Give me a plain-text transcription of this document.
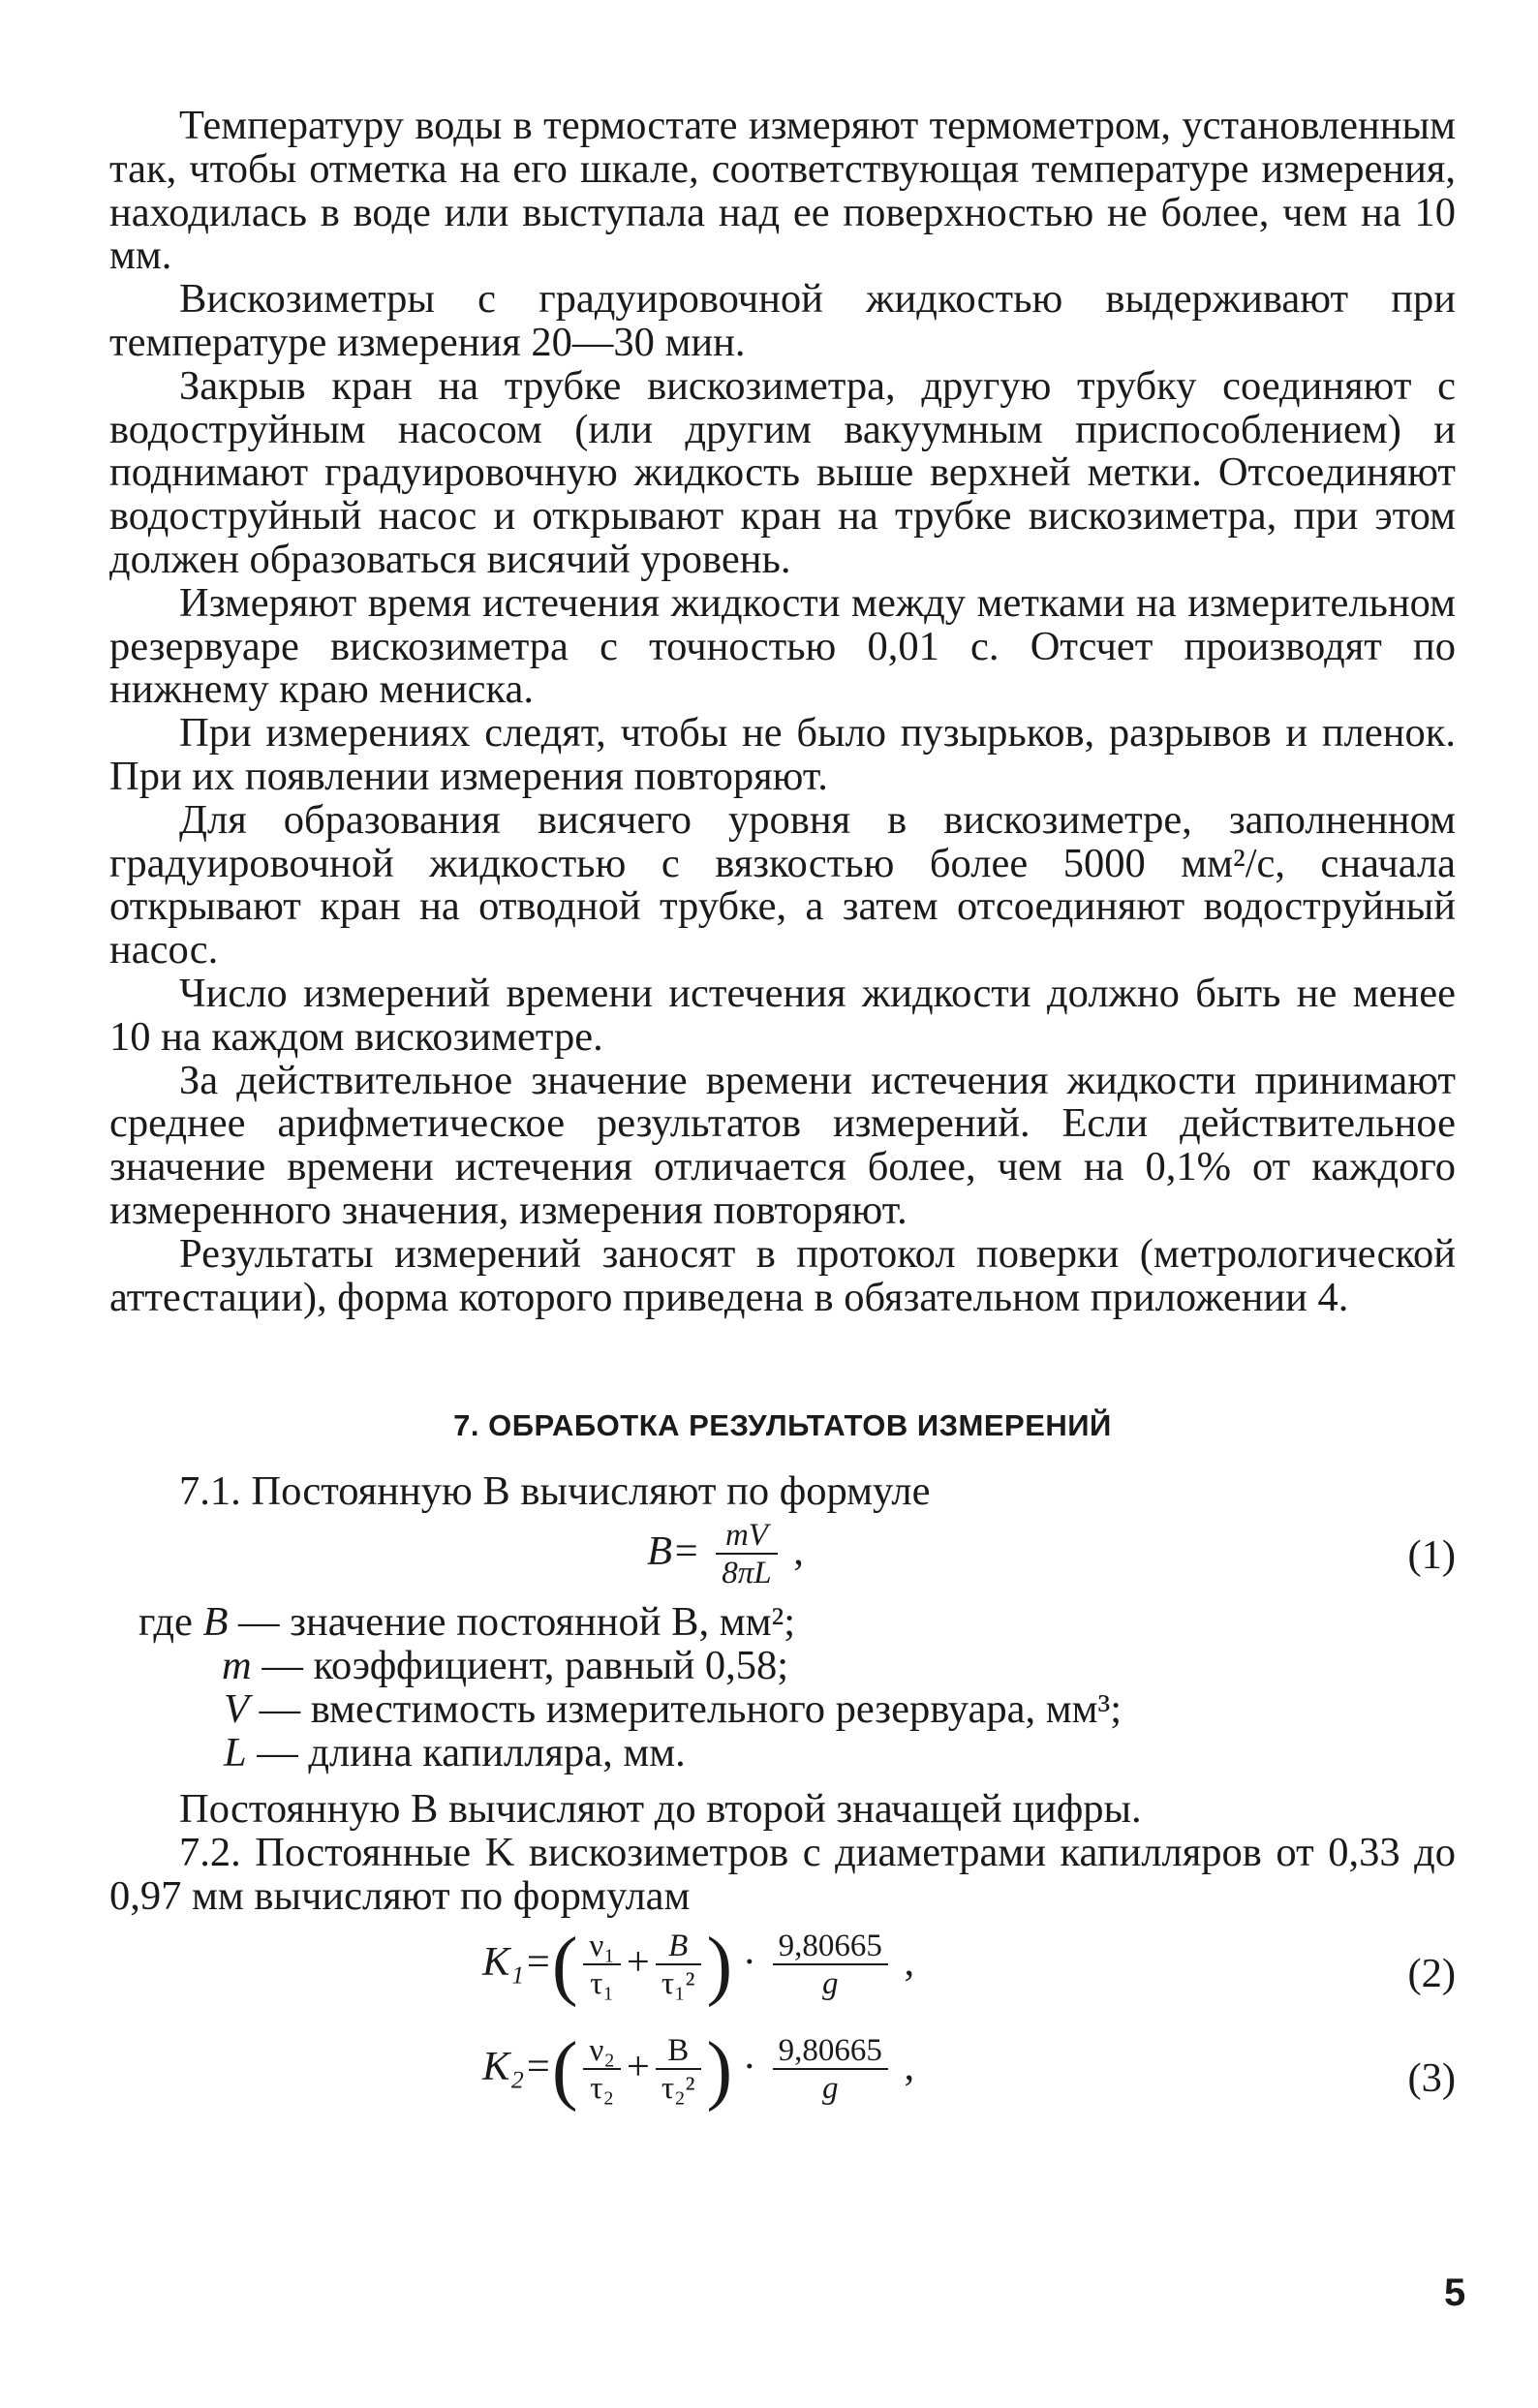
Температуру воды в термостате измеряют термометром, установленным так, чтобы отметка на его шкале, соответствующая температуре измерения, находилась в воде или выступала над ее поверхностью не более, чем на 10 мм.

Вискозиметры с градуировочной жидкостью выдерживают при температуре измерения 20—30 мин.

Закрыв кран на трубке вискозиметра, другую трубку соединяют с водоструйным насосом (или другим вакуумным приспособлением) и поднимают градуировочную жидкость выше верхней метки. Отсоединяют водоструйный насос и открывают кран на трубке вискозиметра, при этом должен образоваться висячий уровень.

Измеряют время истечения жидкости между метками на измерительном резервуаре вискозиметра с точностью 0,01 с. Отсчет производят по нижнему краю мениска.

При измерениях следят, чтобы не было пузырьков, разрывов и пленок. При их появлении измерения повторяют.

Для образования висячего уровня в вискозиметре, заполненном градуировочной жидкостью с вязкостью более 5000 мм²/с, сначала открывают кран на отводной трубке, а затем отсоединяют водоструйный насос.

Число измерений времени истечения жидкости должно быть не менее 10 на каждом вискозиметре.

За действительное значение времени истечения жидкости принимают среднее арифметическое результатов измерений. Если действительное значение времени истечения отличается более, чем на 0,1% от каждого измеренного значения, измерения повторяют.

Результаты измерений заносят в протокол поверки (метрологической аттестации), форма которого приведена в обязательном приложении 4.

7. ОБРАБОТКА РЕЗУЛЬТАТОВ ИЗМЕРЕНИЙ

7.1. Постоянную B вычисляют по формуле

$B= \frac{mV}{8\pi L}$ ,	(1)

где B — значение постоянной B, мм²;

m — коэффициент, равный 0,58;

V — вместимость измерительного резервуара, мм³;

L — длина капилляра, мм.

Постоянную B вычисляют до второй значащей цифры.

7.2. Постоянные K вискозиметров с диаметрами капилляров от 0,33 до 0,97 мм вычисляют по формулам

$K_1=( \frac{\text{ν₁}}{\text{τ₁}} + \frac{B}{\text{τ₁²}}$ ) · $\frac{9,80665}{g}$ ,	(2)
$K_2=( \frac{\text{ν₂}}{\text{τ₂}} + \frac{B}{\text{τ₂²}}$ ) · $\frac{9,80665}{g}$ ,	(3)
5
